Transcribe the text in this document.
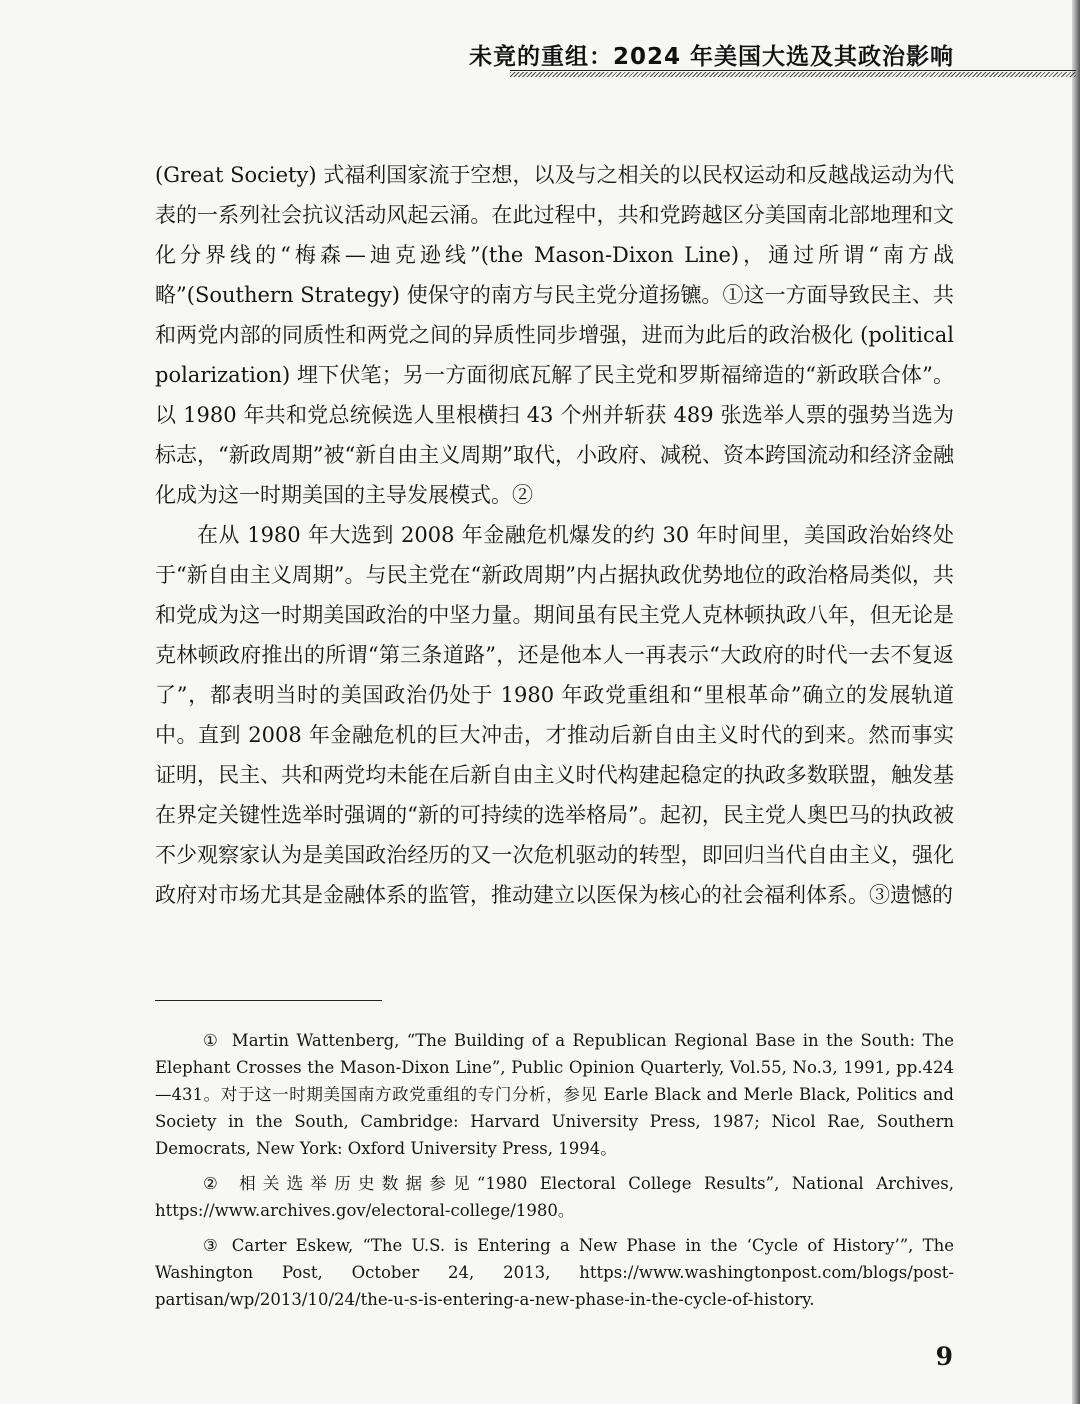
未竟的重组：2024 年美国大选及其政治影响

(Great Society) 式福利国家流于空想，以及与之相关的以民权运动和反越战运动为代表的一系列社会抗议活动风起云涌。在此过程中，共和党跨越区分美国南北部地理和文化分界线的“梅森—迪克逊线”(the Mason-Dixon Line)，通过所谓“南方战略”(Southern Strategy) 使保守的南方与民主党分道扬镳。①这一方面导致民主、共和两党内部的同质性和两党之间的异质性同步增强，进而为此后的政治极化 (political polarization) 埋下伏笔；另一方面彻底瓦解了民主党和罗斯福缔造的“新政联合体”。以 1980 年共和党总统候选人里根横扫 43 个州并斩获 489 张选举人票的强势当选为标志，“新政周期”被“新自由主义周期”取代，小政府、减税、资本跨国流动和经济金融化成为这一时期美国的主导发展模式。②

在从 1980 年大选到 2008 年金融危机爆发的约 30 年时间里，美国政治始终处于“新自由主义周期”。与民主党在“新政周期”内占据执政优势地位的政治格局类似，共和党成为这一时期美国政治的中坚力量。期间虽有民主党人克林顿执政八年，但无论是克林顿政府推出的所谓“第三条道路”，还是他本人一再表示“大政府的时代一去不复返了”，都表明当时的美国政治仍处于 1980 年政党重组和“里根革命”确立的发展轨道中。直到 2008 年金融危机的巨大冲击，才推动后新自由主义时代的到来。然而事实证明，民主、共和两党均未能在后新自由主义时代构建起稳定的执政多数联盟，触发基在界定关键性选举时强调的“新的可持续的选举格局”。起初，民主党人奥巴马的执政被不少观察家认为是美国政治经历的又一次危机驱动的转型，即回归当代自由主义，强化政府对市场尤其是金融体系的监管，推动建立以医保为核心的社会福利体系。③遗憾的

① Martin Wattenberg, “The Building of a Republican Regional Base in the South: The Elephant Crosses the Mason-Dixon Line”, Public Opinion Quarterly, Vol.55, No.3, 1991, pp.424—431。对于这一时期美国南方政党重组的专门分析，参见 Earle Black and Merle Black, Politics and Society in the South, Cambridge: Harvard University Press, 1987; Nicol Rae, Southern Democrats, New York: Oxford University Press, 1994。

② 相关选举历史数据参见“1980 Electoral College Results”, National Archives, https://www.archives.gov/electoral-college/1980。

③ Carter Eskew, “The U.S. is Entering a New Phase in the ‘Cycle of History’”, The Washington Post, October 24, 2013, https://www.washingtonpost.com/blogs/post-partisan/wp/2013/10/24/the-u-s-is-entering-a-new-phase-in-the-cycle-of-history.

9
